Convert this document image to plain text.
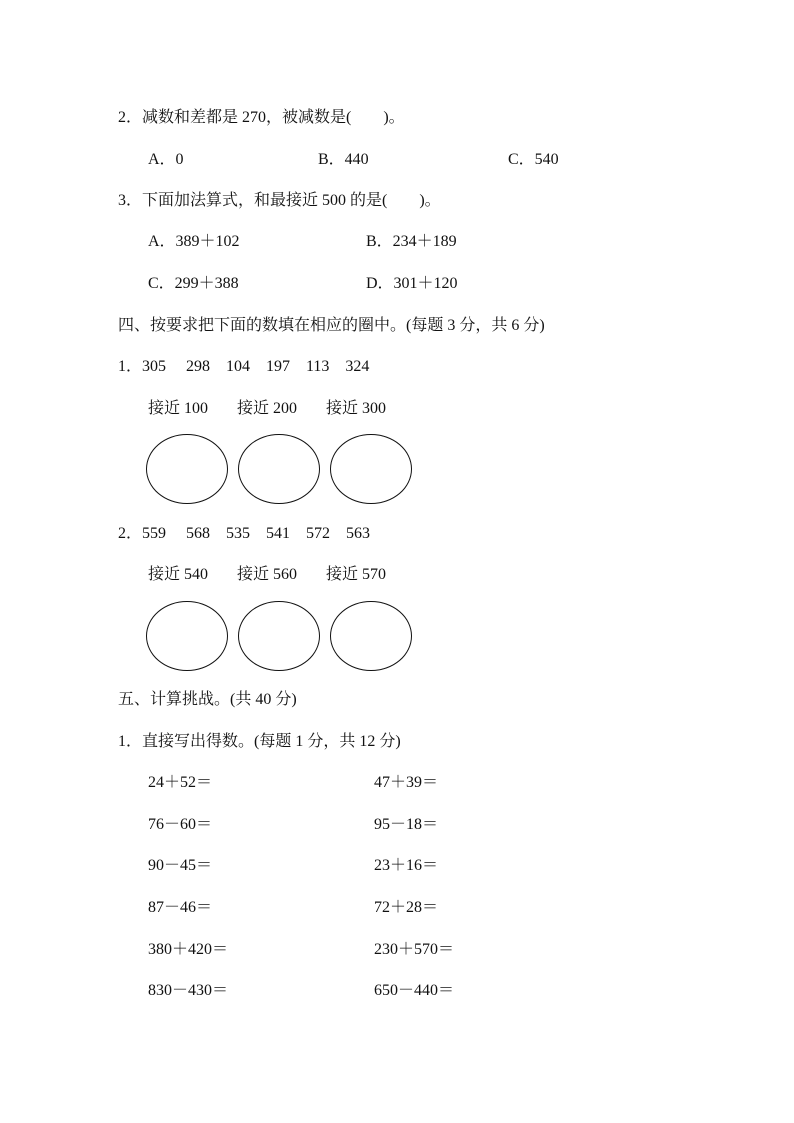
2．减数和差都是 270，被减数是(　　)。
A．0	B．440	C．540
3．下面加法算式，和最接近 500 的是(　　)。
A．389＋102	B．234＋189
C．299＋388	D．301＋120
四、按要求把下面的数填在相应的圈中。(每题 3 分，共 6 分)
1．305　 298　104　197　113　324
接近 100 接近 200 接近 300
2．559　 568　535　541　572　563
接近 540 接近 560 接近 570
五、计算挑战。(共 40 分)
1．直接写出得数。(每题 1 分，共 12 分)
24＋52＝	47＋39＝
76－60＝	95－18＝
90－45＝	23＋16＝
87－46＝	72＋28＝
380＋420＝	230＋570＝
830－430＝	650－440＝
